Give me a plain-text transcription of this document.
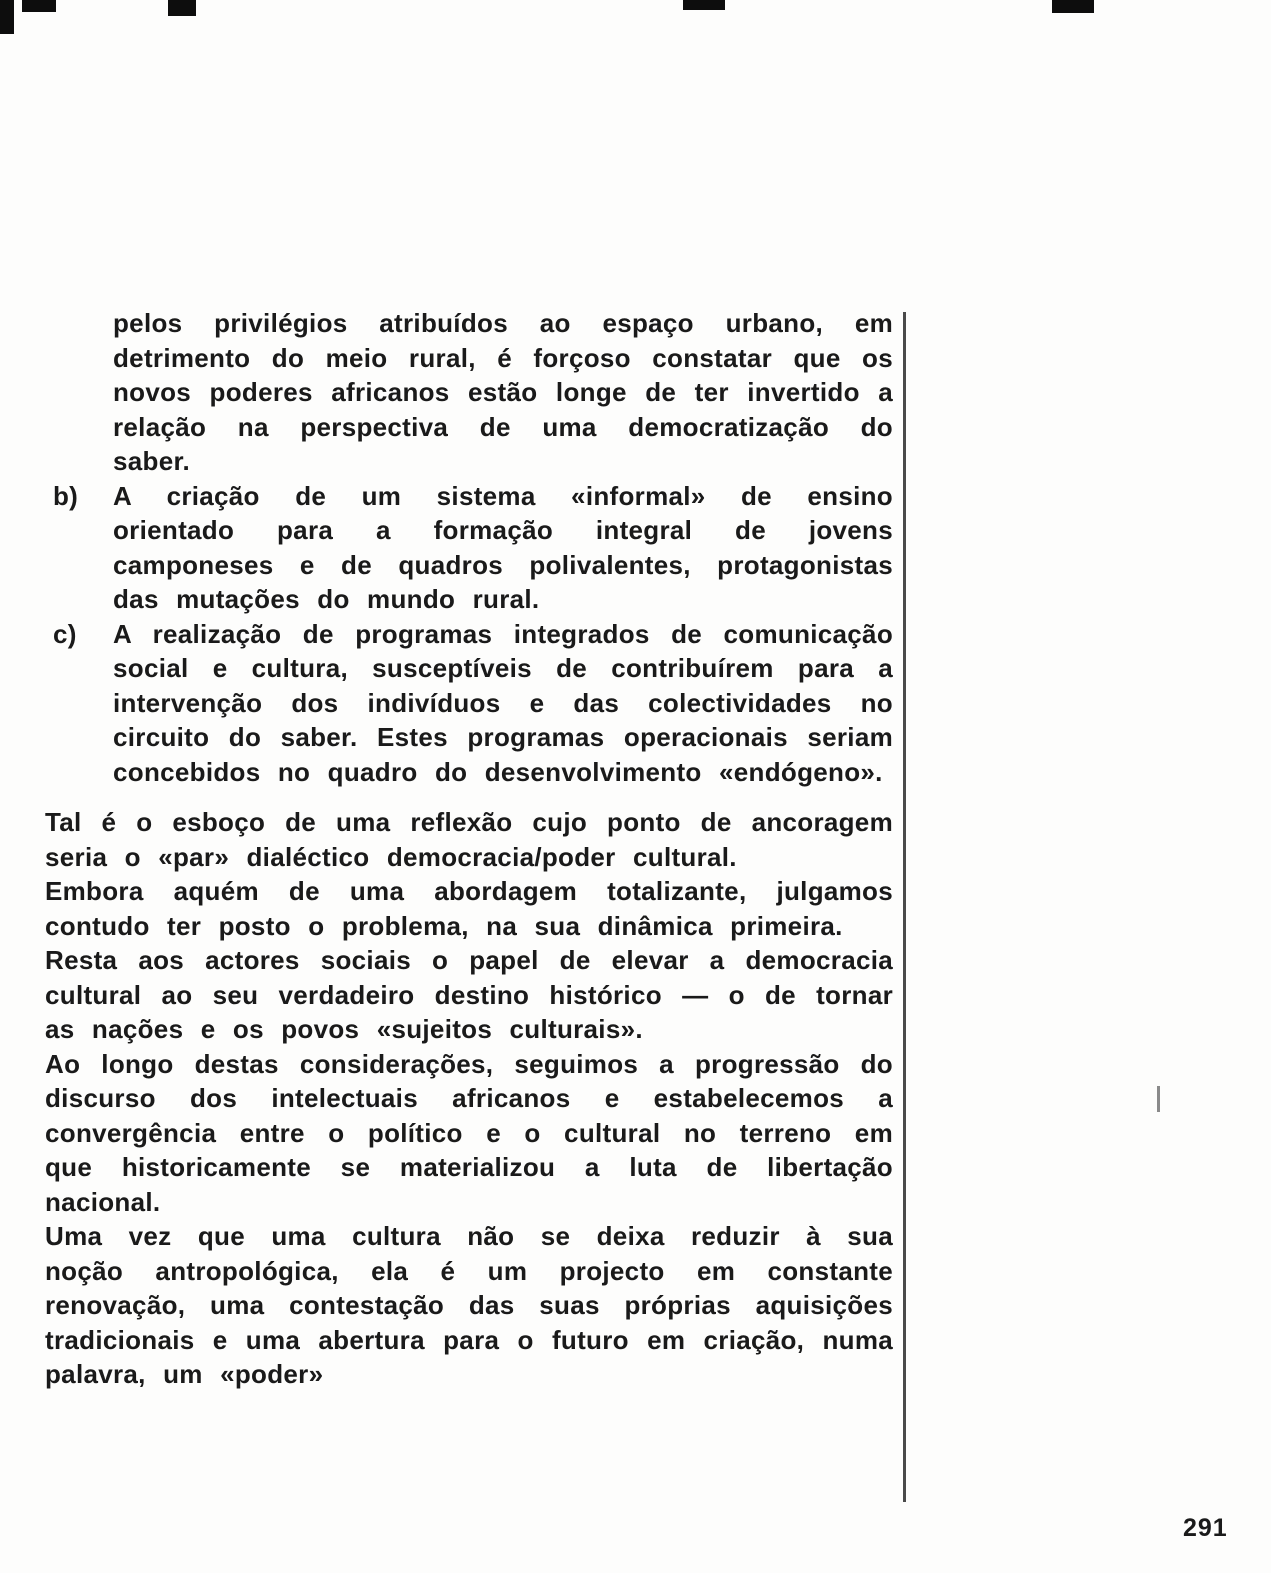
pelos privilégios atribuídos ao espaço urbano, em detrimento do meio rural, é forçoso constatar que os novos poderes africanos estão longe de ter invertido a relação na perspectiva de uma democratização do saber.
b) A criação de um sistema «informal» de ensino orientado para a formação integral de jovens camponeses e de quadros polivalentes, protagonistas das mutações do mundo rural.
c) A realização de programas integrados de comunicação social e cultura, susceptíveis de contribuírem para a intervenção dos indivíduos e das colectividades no circuito do saber. Estes programas operacionais seriam concebidos no quadro do desenvolvimento «endógeno».

Tal é o esboço de uma reflexão cujo ponto de ancoragem seria o «par» dialéctico democracia/poder cultural.

Embora aquém de uma abordagem totalizante, julgamos contudo ter posto o problema, na sua dinâmica primeira.

Resta aos actores sociais o papel de elevar a democracia cultural ao seu verdadeiro destino histórico — o de tornar as nações e os povos «sujeitos culturais».

Ao longo destas considerações, seguimos a progressão do discurso dos intelectuais africanos e estabelecemos a convergência entre o político e o cultural no terreno em que historicamente se materializou a luta de libertação nacional.

Uma vez que uma cultura não se deixa reduzir à sua noção antropológica, ela é um projecto em constante renovação, uma contestação das suas próprias aquisições tradicionais e uma abertura para o futuro em criação, numa palavra, um «poder»

291
